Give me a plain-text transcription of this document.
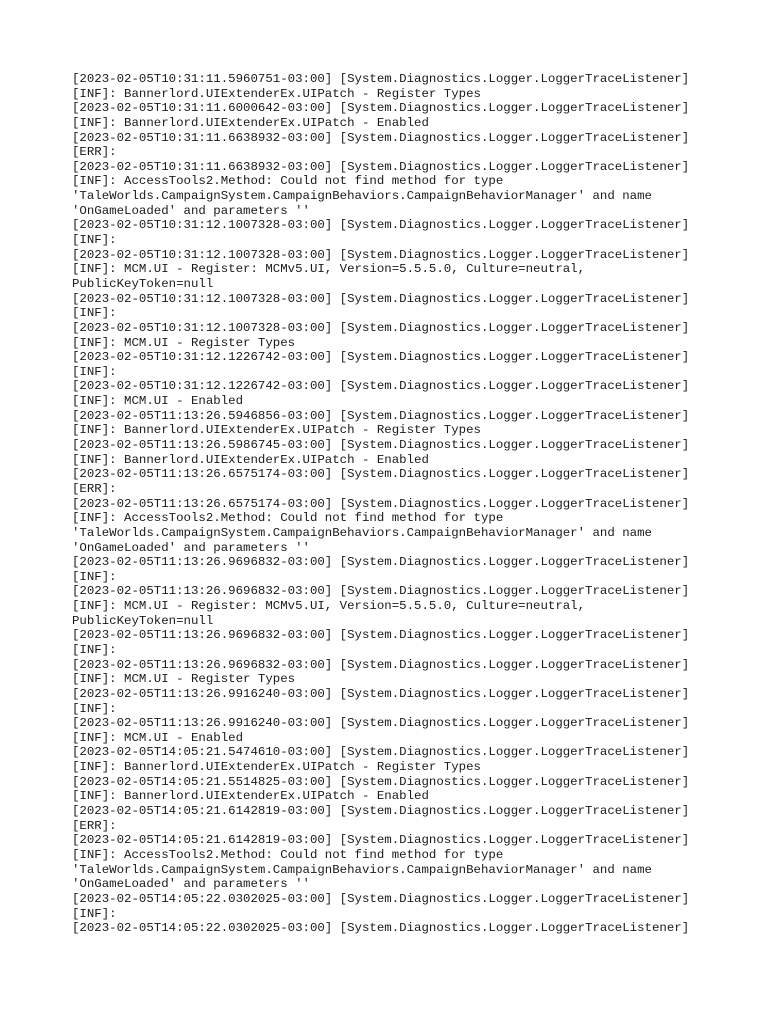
[2023-02-05T10:31:11.5960751-03:00] [System.Diagnostics.Logger.LoggerTraceListener]
[INF]: Bannerlord.UIExtenderEx.UIPatch - Register Types
[2023-02-05T10:31:11.6000642-03:00] [System.Diagnostics.Logger.LoggerTraceListener]
[INF]: Bannerlord.UIExtenderEx.UIPatch - Enabled
[2023-02-05T10:31:11.6638932-03:00] [System.Diagnostics.Logger.LoggerTraceListener]
[ERR]:
[2023-02-05T10:31:11.6638932-03:00] [System.Diagnostics.Logger.LoggerTraceListener]
[INF]: AccessTools2.Method: Could not find method for type
'TaleWorlds.CampaignSystem.CampaignBehaviors.CampaignBehaviorManager' and name
'OnGameLoaded' and parameters ''
[2023-02-05T10:31:12.1007328-03:00] [System.Diagnostics.Logger.LoggerTraceListener]
[INF]:
[2023-02-05T10:31:12.1007328-03:00] [System.Diagnostics.Logger.LoggerTraceListener]
[INF]: MCM.UI - Register: MCMv5.UI, Version=5.5.5.0, Culture=neutral,
PublicKeyToken=null
[2023-02-05T10:31:12.1007328-03:00] [System.Diagnostics.Logger.LoggerTraceListener]
[INF]:
[2023-02-05T10:31:12.1007328-03:00] [System.Diagnostics.Logger.LoggerTraceListener]
[INF]: MCM.UI - Register Types
[2023-02-05T10:31:12.1226742-03:00] [System.Diagnostics.Logger.LoggerTraceListener]
[INF]:
[2023-02-05T10:31:12.1226742-03:00] [System.Diagnostics.Logger.LoggerTraceListener]
[INF]: MCM.UI - Enabled
[2023-02-05T11:13:26.5946856-03:00] [System.Diagnostics.Logger.LoggerTraceListener]
[INF]: Bannerlord.UIExtenderEx.UIPatch - Register Types
[2023-02-05T11:13:26.5986745-03:00] [System.Diagnostics.Logger.LoggerTraceListener]
[INF]: Bannerlord.UIExtenderEx.UIPatch - Enabled
[2023-02-05T11:13:26.6575174-03:00] [System.Diagnostics.Logger.LoggerTraceListener]
[ERR]:
[2023-02-05T11:13:26.6575174-03:00] [System.Diagnostics.Logger.LoggerTraceListener]
[INF]: AccessTools2.Method: Could not find method for type
'TaleWorlds.CampaignSystem.CampaignBehaviors.CampaignBehaviorManager' and name
'OnGameLoaded' and parameters ''
[2023-02-05T11:13:26.9696832-03:00] [System.Diagnostics.Logger.LoggerTraceListener]
[INF]:
[2023-02-05T11:13:26.9696832-03:00] [System.Diagnostics.Logger.LoggerTraceListener]
[INF]: MCM.UI - Register: MCMv5.UI, Version=5.5.5.0, Culture=neutral,
PublicKeyToken=null
[2023-02-05T11:13:26.9696832-03:00] [System.Diagnostics.Logger.LoggerTraceListener]
[INF]:
[2023-02-05T11:13:26.9696832-03:00] [System.Diagnostics.Logger.LoggerTraceListener]
[INF]: MCM.UI - Register Types
[2023-02-05T11:13:26.9916240-03:00] [System.Diagnostics.Logger.LoggerTraceListener]
[INF]:
[2023-02-05T11:13:26.9916240-03:00] [System.Diagnostics.Logger.LoggerTraceListener]
[INF]: MCM.UI - Enabled
[2023-02-05T14:05:21.5474610-03:00] [System.Diagnostics.Logger.LoggerTraceListener]
[INF]: Bannerlord.UIExtenderEx.UIPatch - Register Types
[2023-02-05T14:05:21.5514825-03:00] [System.Diagnostics.Logger.LoggerTraceListener]
[INF]: Bannerlord.UIExtenderEx.UIPatch - Enabled
[2023-02-05T14:05:21.6142819-03:00] [System.Diagnostics.Logger.LoggerTraceListener]
[ERR]:
[2023-02-05T14:05:21.6142819-03:00] [System.Diagnostics.Logger.LoggerTraceListener]
[INF]: AccessTools2.Method: Could not find method for type
'TaleWorlds.CampaignSystem.CampaignBehaviors.CampaignBehaviorManager' and name
'OnGameLoaded' and parameters ''
[2023-02-05T14:05:22.0302025-03:00] [System.Diagnostics.Logger.LoggerTraceListener]
[INF]:
[2023-02-05T14:05:22.0302025-03:00] [System.Diagnostics.Logger.LoggerTraceListener]
